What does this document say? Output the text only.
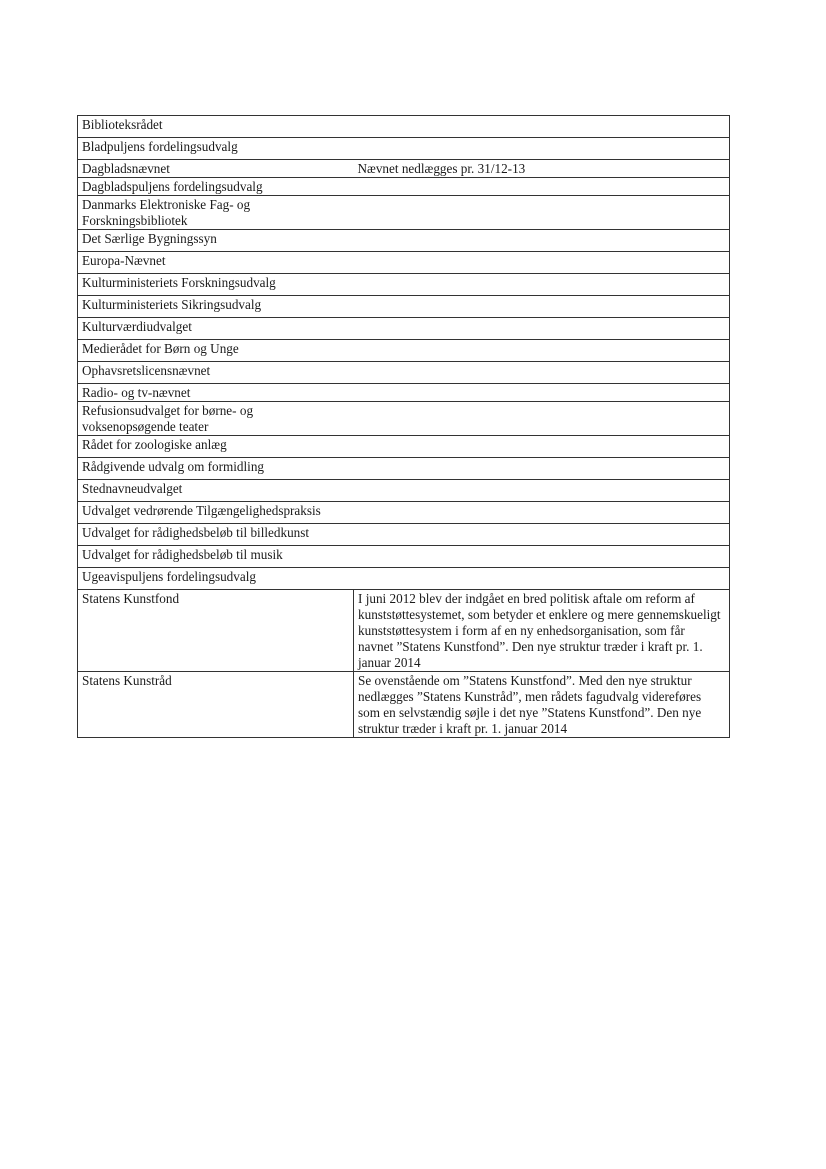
Biblioteksrådet	
Bladpuljens fordelingsudvalg	
Dagbladsnævnet	Nævnet nedlægges pr. 31/12-13
Dagbladspuljens fordelingsudvalg	
Danmarks Elektroniske Fag- og Forskningsbibliotek	
Det Særlige Bygningssyn	
Europa-Nævnet	
Kulturministeriets Forskningsudvalg	
Kulturministeriets Sikringsudvalg	
Kulturværdiudvalget	
Medierådet for Børn og Unge	
Ophavsretslicensnævnet	
Radio- og tv-nævnet	
Refusionsudvalget for børne- og voksenopsøgende teater	
Rådet for zoologiske anlæg	
Rådgivende udvalg om formidling	
Stednavneudvalget	
Udvalget vedrørende Tilgængelighedspraksis	
Udvalget for rådighedsbeløb til billedkunst	
Udvalget for rådighedsbeløb til musik	
Ugeavispuljens fordelingsudvalg	
Statens Kunstfond	I juni 2012 blev der indgået en bred politisk aftale om reform af kunststøttesystemet, som betyder et enklere og mere gennemskueligt kunststøttesystem i form af en ny enhedsorganisation, som får navnet ”Statens Kunstfond”. Den nye struktur træder i kraft pr. 1. januar 2014
Statens Kunstråd	Se ovenstående om ”Statens Kunstfond”. Med den nye struktur nedlægges ”Statens Kunstråd”, men rådets fagudvalg videreføres som en selvstændig søjle i det nye ”Statens Kunstfond”. Den nye struktur træder i kraft pr. 1. januar 2014
